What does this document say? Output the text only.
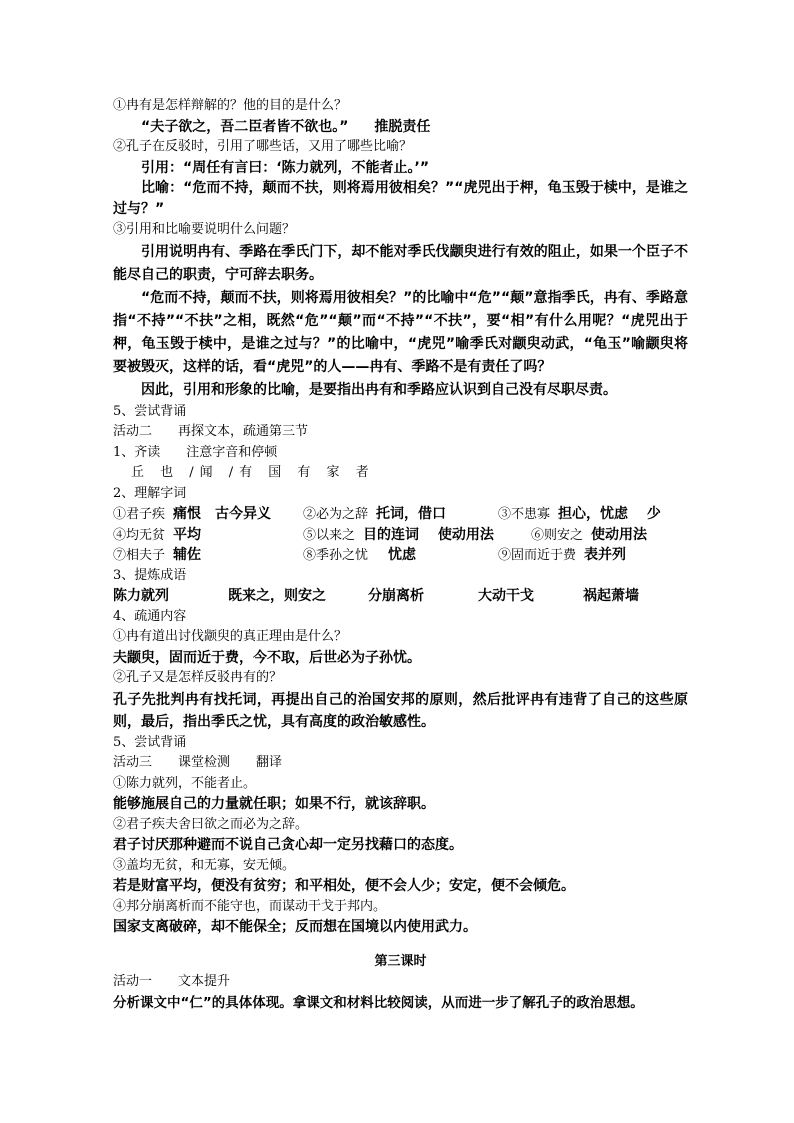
①冉有是怎样辩解的？他的目的是什么？
“夫子欲之，吾二臣者皆不欲也。” 推脱责任
②孔子在反驳时，引用了哪些话，又用了哪些比喻？
引用：“周任有言曰：‘陈力就列，不能者止。’”
比喻：“危而不持，颠而不扶，则将焉用彼相矣？”“虎兕出于柙，龟玉毁于椟中，是谁之过与？”
③引用和比喻要说明什么问题？
引用说明冉有、季路在季氏门下，却不能对季氏伐颛臾进行有效的阻止，如果一个臣子不能尽自己的职责，宁可辞去职务。
“危而不持，颠而不扶，则将焉用彼相矣？”的比喻中“危”“颠”意指季氏，冉有、季路意指“不持”“不扶”之相，既然“危”“颠”而“不持”“不扶”，要“相”有什么用呢？“虎兕出于柙，龟玉毁于椟中，是谁之过与？”的比喻中，“虎兕”喻季氏对颛臾动武，“龟玉”喻颛臾将要被毁灭，这样的话，看“虎兕”的人——冉有、季路不是有责任了吗？
因此，引用和形象的比喻，是要指出冉有和季路应认识到自己没有尽职尽责。
5、尝试背诵
活动二　　再探文本，疏通第三节
1、齐读　　注意字音和停顿
丘 也 /闻 /有 国 有 家 者
2、理解字词
①君子疾 痛恨　古今异义 ②必为之辞 托词，借口	③不患寡 担心，忧虑　 少
④均无贫 平均	⑤以来之 目的连词　 使动用法	⑥则安之 使动用法
⑦相夫子 辅佐	⑧季孙之忧 忧虑	⑨固而近于费 表并列
3、提炼成语
陈力就列	既来之，则安之	分崩离析	大动干戈	祸起萧墙
4、疏通内容
①冉有道出讨伐颛臾的真正理由是什么？
夫颛臾，固而近于费，今不取，后世必为子孙忧。
②孔子又是怎样反驳冉有的？
孔子先批判冉有找托词，再提出自己的治国安邦的原则，然后批评冉有违背了自己的这些原则，最后，指出季氏之忧，具有高度的政治敏感性。
5、尝试背诵
活动三　　课堂检测　　翻译
①陈力就列，不能者止。
能够施展自己的力量就任职；如果不行，就该辞职。
②君子疾夫舍曰欲之而必为之辞。
君子讨厌那种避而不说自己贪心却一定另找藉口的态度。
③盖均无贫，和无寡，安无倾。
若是财富平均，便没有贫穷；和平相处，便不会人少；安定，便不会倾危。
④邦分崩离析而不能守也，而谋动干戈于邦内。
国家支离破碎，却不能保全；反而想在国境以内使用武力。
第三课时
活动一　　文本提升
分析课文中“仁”的具体体现。拿课文和材料比较阅读，从而进一步了解孔子的政治思想。
